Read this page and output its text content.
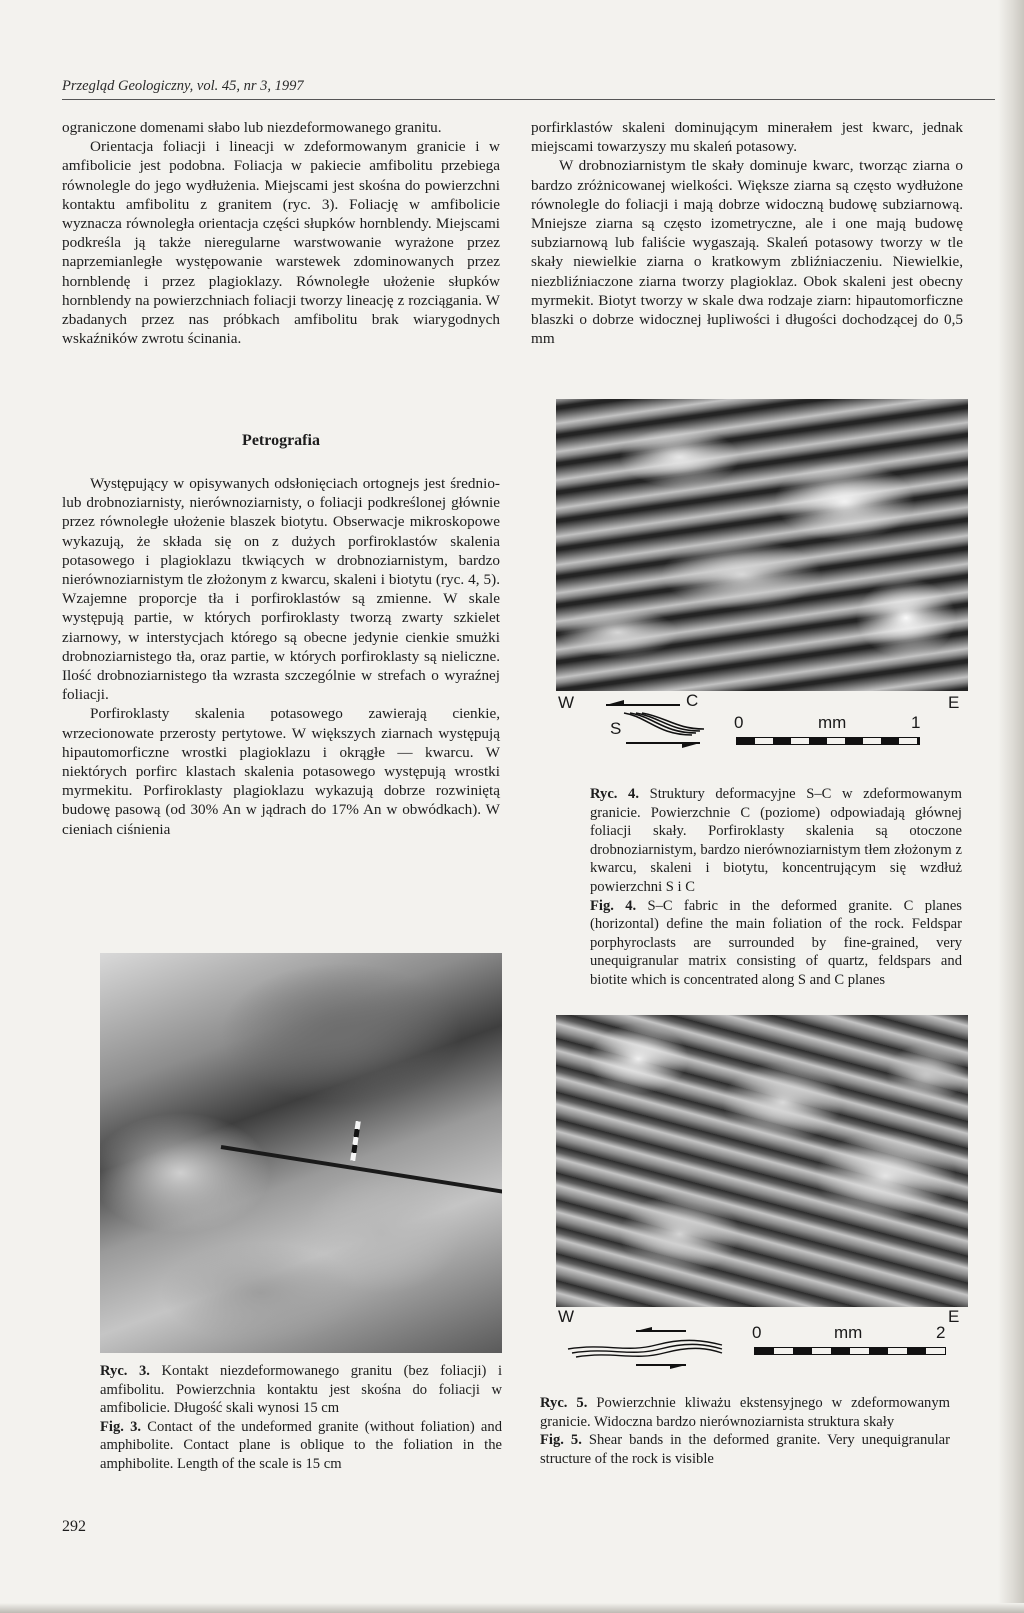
Przegląd Geologiczny, vol. 45, nr 3, 1997

ograniczone domenami słabo lub niezdeformowanego granitu.

Orientacja foliacji i lineacji w zdeformowanym granicie i w amfibolicie jest podobna. Foliacja w pakiecie amfibolitu przebiega równolegle do jego wydłużenia. Miejscami jest skośna do powierzchni kontaktu amfibolitu z granitem (ryc. 3). Foliację w amfibolicie wyznacza równoległa orientacja części słupków hornblendy. Miejscami podkreśla ją także nieregularne warstwowanie wyrażone przez naprzemianległe występowanie warstewek zdominowanych przez hornblendę i przez plagioklazy. Równoległe ułożenie słupków hornblendy na powierzchniach foliacji tworzy lineację z rozciągania. W zbadanych przez nas próbkach amfibolitu brak wiarygodnych wskaźników zwrotu ścinania.

Petrografia

Występujący w opisywanych odsłonięciach ortognejs jest średnio- lub drobnoziarnisty, nierównoziarnisty, o foliacji podkreślonej głównie przez równoległe ułożenie blaszek biotytu. Obserwacje mikroskopowe wykazują, że składa się on z dużych porfiroklastów skalenia potasowego i plagioklazu tkwiących w drobnoziarnistym, bardzo nierównoziarnistym tle złożonym z kwarcu, skaleni i biotytu (ryc. 4, 5). Wzajemne proporcje tła i porfiroklastów są zmienne. W skale występują partie, w których porfiroklasty tworzą zwarty szkielet ziarnowy, w interstycjach którego są obecne jedynie cienkie smużki drobnoziarnistego tła, oraz partie, w których porfiroklasty są nieliczne. Ilość drobnoziarnistego tła wzrasta szczególnie w strefach o wyraźnej foliacji.

Porfiroklasty skalenia potasowego zawierają cienkie, wrzecionowate przerosty pertytowe. W większych ziarnach występują hipautomorficzne wrostki plagioklazu i okrągłe — kwarcu. W niektórych porfirc klastach skalenia potasowego występują wrostki myrmekitu. Porfiroklasty plagioklazu wykazują dobrze rozwiniętą budowę pasową (od 30% An w jądrach do 17% An w obwódkach). W cieniach ciśnienia

porfirklastów skaleni dominującym minerałem jest kwarc, jednak miejscami towarzyszy mu skaleń potasowy.

W drobnoziarnistym tle skały dominuje kwarc, tworząc ziarna o bardzo zróżnicowanej wielkości. Większe ziarna są często wydłużone równolegle do foliacji i mają dobrze widoczną budowę subziarnową. Mniejsze ziarna są często izometryczne, ale i one mają budowę subziarnową lub faliście wygaszają. Skaleń potasowy tworzy w tle skały niewielkie ziarna o kratkowym zbliźniaczeniu. Niewielkie, niezbliźniaczone ziarna tworzy plagioklaz. Obok skaleni jest obecny myrmekit. Biotyt tworzy w skale dwa rodzaje ziarn: hipautomorficzne blaszki o dobrze widocznej łupliwości i długości dochodzącej do 0,5 mm

W	E
C
S	0	mm	1
Ryc. 4. Struktury deformacyjne S–C w zdeformowanym granicie. Powierzchnie C (poziome) odpowiadają głównej foliacji skały. Porfiroklasty skalenia są otoczone drobnoziarnistym, bardzo nierównoziarnistym tłem złożonym z kwarcu, skaleni i biotytu, koncentrującym się wzdłuż powierzchni S i C
Fig. 4. S–C fabric in the deformed granite. C planes (horizontal) define the main foliation of the rock. Feldspar porphyroclasts are surrounded by fine-grained, very unequigranular matrix consisting of quartz, feldspars and biotite which is concentrated along S and C planes
Ryc. 3. Kontakt niezdeformowanego granitu (bez foliacji) i amfibolitu. Powierzchnia kontaktu jest skośna do foliacji w amfibolicie. Długość skali wynosi 15 cm
Fig. 3. Contact of the undeformed granite (without foliation) and amphibolite. Contact plane is oblique to the foliation in the amphibolite. Length of the scale is 15 cm
W	E
0	mm	2
Ryc. 5. Powierzchnie kliważu ekstensyjnego w zdeformowanym granicie. Widoczna bardzo nierównoziarnista struktura skały
Fig. 5. Shear bands in the deformed granite. Very unequigranular structure of the rock is visible
292
